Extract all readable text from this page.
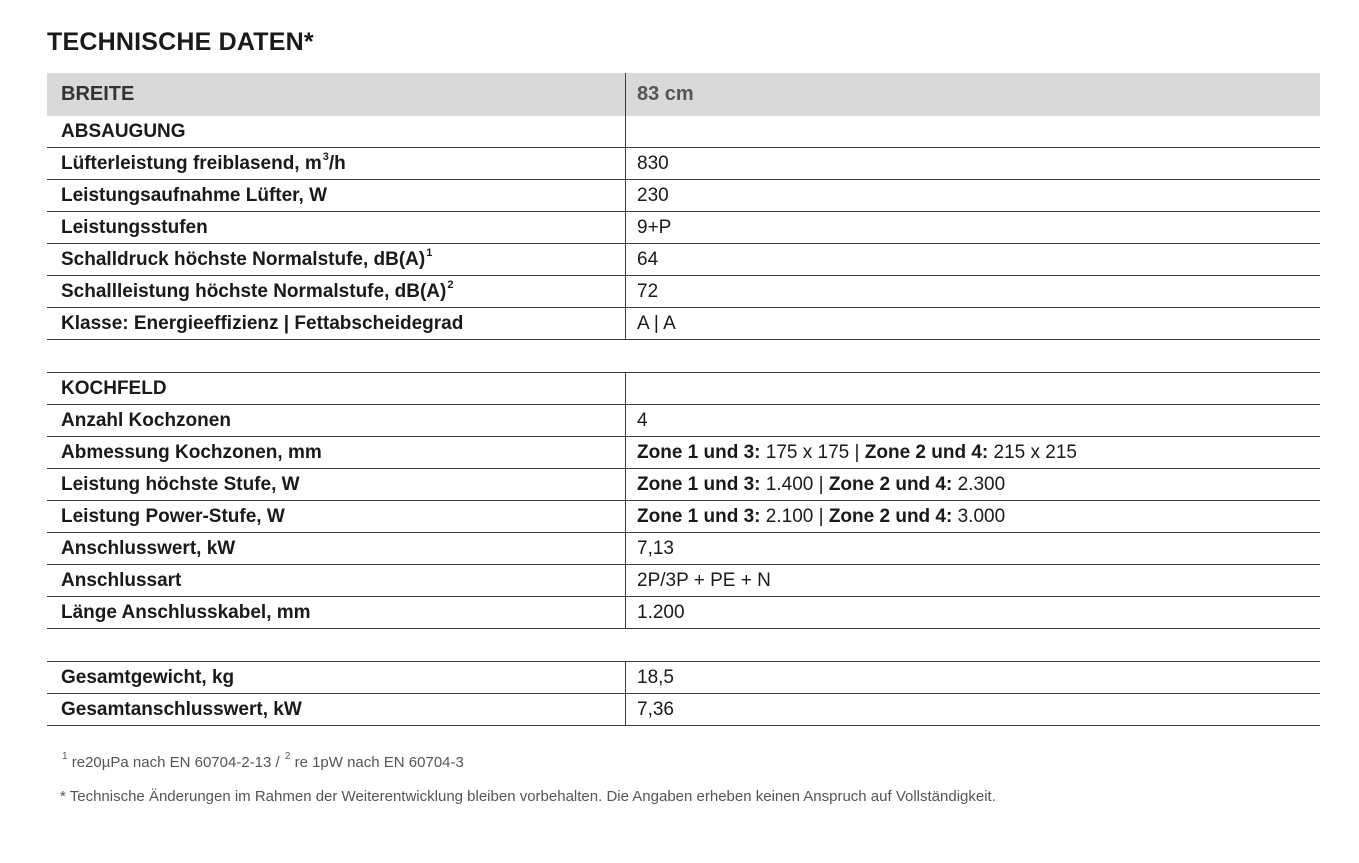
TECHNISCHE DATEN*
BREITE	83 cm
ABSAUGUNG
Lüfterleistung freiblasend, $m^3/h$	830
Leistungsaufnahme Lüfter, W	230
Leistungsstufen	9+P
Schalldruck höchste Normalstufe, $dB(A)^1$	64
Schallleistung höchste Normalstufe, $dB(A)^2$	72
Klasse: Energieeffizienz | Fettabscheidegrad	A | A
KOCHFELD
Anzahl Kochzonen	4
Abmessung Kochzonen, mm	Zone 1 und 3: 175 x 175 | Zone 2 und 4: 215 x 215
Leistung höchste Stufe, W	Zone 1 und 3: 1.400 | Zone 2 und 4: 2.300
Leistung Power-Stufe, W	Zone 1 und 3: 2.100 | Zone 2 und 4: 3.000
Anschlusswert, kW	7,13
Anschlussart	2P/3P + PE + N
Länge Anschlusskabel, mm	1.200
Gesamtgewicht, kg	18,5
Gesamtanschlusswert, kW	7,36
$^1$ re20µPa nach EN 60704-2-13 / $^2$ re 1pW nach EN 60704-3
* Technische Änderungen im Rahmen der Weiterentwicklung bleiben vorbehalten. Die Angaben erheben keinen Anspruch auf Vollständigkeit.
